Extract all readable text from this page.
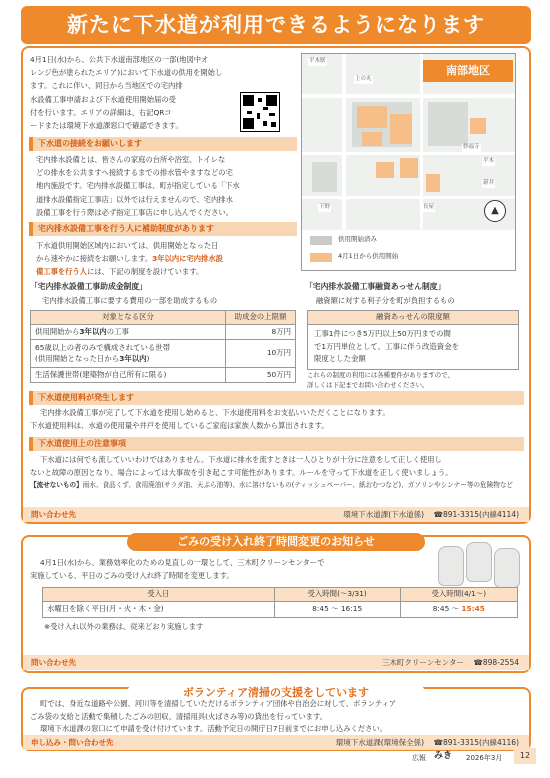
新たに下水道が利用できるようになります
4月1日(水)から、公共下水道南部地区の一部(地図中オ
レンジ色が塗られたエリア)において下水道の供用を開始し
ます。これに伴い、同日から当地区での宅内排
水設備工事申請および下水道使用開始届の受
付を行います。エリアの詳細は、右記QRコ
ードまたは環境下水道課窓口で確認できます。
平木駅
上の丸
妙福寺
平木
新井
長屋
下野
南部地区
▲
供用開始済み
4月1日から供用開始
下水道の接続をお願いします
宅内排水設備とは、皆さんの家庭の台所や浴室、トイレな
どの排水を公共ますへ接続するまでの排水管やますなどの宅
地内施設です。宅内排水設備工事は、町が指定している「下水
道排水設備指定工事店」以外では行えませんので、宅内排水
設備工事を行う際は必ず指定工事店に申し込んでください。
宅内排水設備工事を行う人に補助制度があります
下水道供用開始区域内においては、供用開始となった日
から速やかに接続をお願いします。3年以内に宅内排水設
備工事を行う人には、下記の制度を設けています。
「宅内排水設備工事助成金制度」
宅内排水設備工事に要する費用の一部を助成するもの
対象となる区分	助成金の上限額
供用開始から3年以内の工事	8万円

65歳以上の者のみで構成されている世帯
(供用開始となった日から3年以内)	10万円
生活保護世帯(建築物が自己所有に限る)	50万円
「宅内排水設備工事融資あっせん制度」
融資額に対する利子分を町が負担するもの
融資あっせんの限度額

工事1件につき5万円以上50万円までの間
で1万円単位として、工事に伴う改造資金を
限度とした金額
これらの制度の利用には各種要件がありますので、
詳しくは下記までお問い合わせください。
下水道使用料が発生します
宅内排水設備工事が完了して下水道を使用し始めると、下水道使用料をお支払いいただくことになります。
下水道使用料は、水道の使用量や井戸を使用しているご家庭は家族人数から算出されます。
下水道使用上の注意事項
下水道には何でも流していいわけではありません。下水道に排水を流すときは一人ひとりが十分に注意をして正しく使用し
ないと故障の原因となり、場合によっては大事故を引き起こす可能性があります。ルールを守って下水道を正しく使いましょう。
【流せないもの】雨水、食品くず、食用廃油(サラダ油、天ぷら油等)、水に溶けないもの(ティッシュペーパー、紙おむつなど)、ガソリンやシンナー等の危険物など
問い合わせ先	環境下水道課(下水道係) ☎891-3315(内線4114)
ごみの受け入れ終了時間変更のお知らせ
4月1日(水)から、業務効率化のための見直しの一環として、三木町クリーンセンターで
実施している、平日のごみの受け入れ終了時間を変更します。
受入日	受入時間(～3/31)	受入時間(4/1～)
水曜日を除く平日(月・火・木・金)	8:45 ～ 16:15	8:45 ～ 15:45
※受け入れ以外の業務は、従来どおり実施します
問い合わせ先	三木町クリーンセンター ☎898-2554
ボランティア清掃の支援をしています
町では、身近な道路や公園、河川等を清掃していただけるボランティア団体や自治会に対して、ボランティア
ごみ袋の支給と活動で集積したごみの回収、清掃用具(火ばさみ等)の貸出を行っています。
環境下水道課の窓口にて申請を受け付けています。活動予定日の開庁日7日前までにお申し込みください。
申し込み・問い合わせ先	環境下水道課(環境保全係) ☎891-3315(内線4116)
広報 みき 2026年3月	12
